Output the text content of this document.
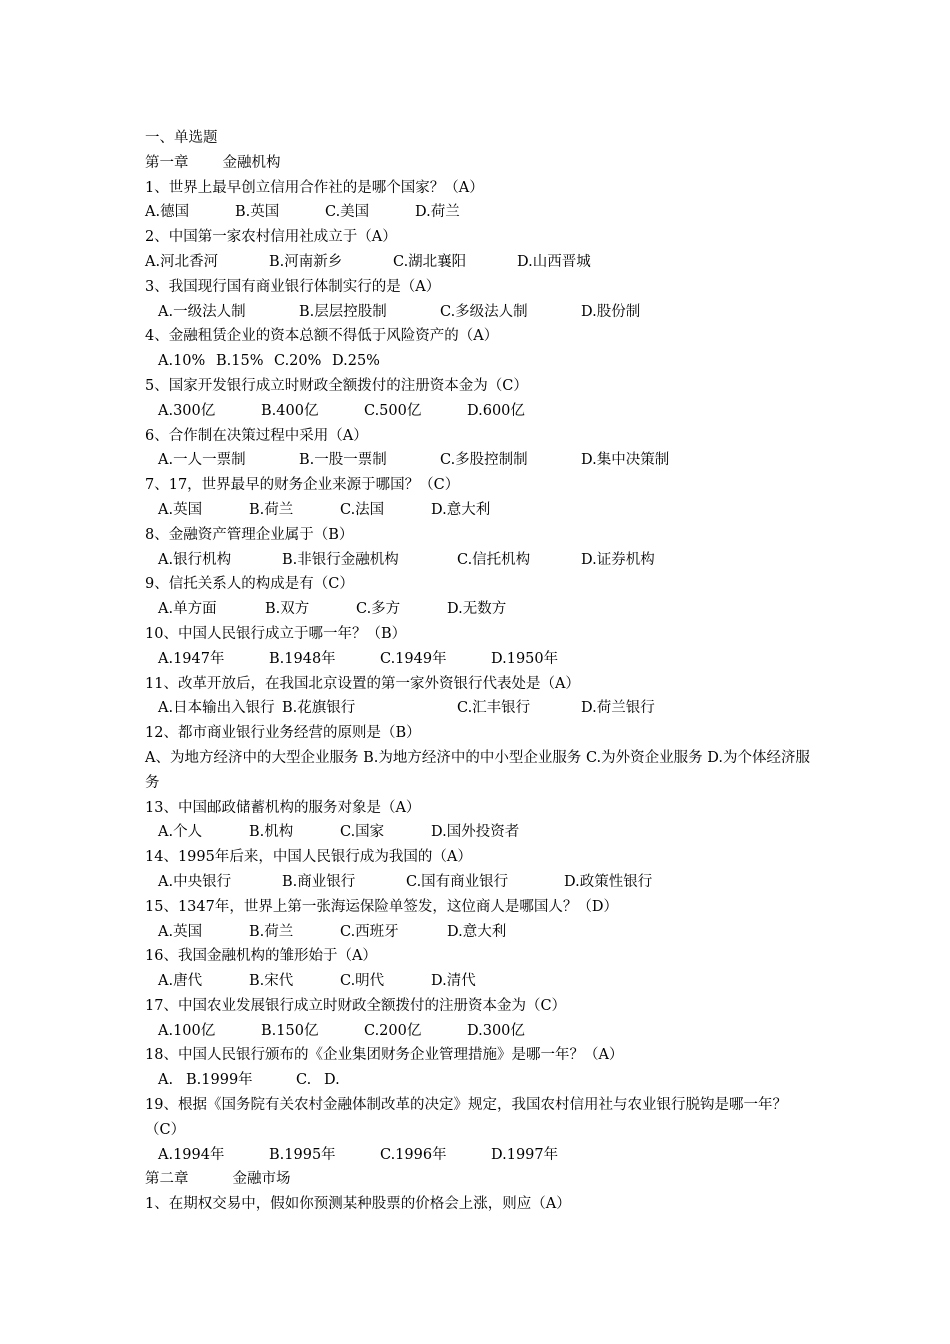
一、单选题
第一章 金融机构
1、世界上最早创立信用合作社的是哪个国家？（A）
A.德国	B.英国	C.美国	D.荷兰
2、中国第一家农村信用社成立于（A）
A.河北香河	B.河南新乡	C.湖北襄阳	D.山西晋城
3、我国现行国有商业银行体制实行的是（A）
A.一级法人制	B.层层控股制	C.多级法人制	D.股份制
4、金融租赁企业的资本总额不得低于风险资产的（A）
A.10% B.15% C.20% D.25%
5、国家开发银行成立时财政全额拨付的注册资本金为（C）
A.300亿	B.400亿	C.500亿	D.600亿
6、合作制在决策过程中采用（A）
A.一人一票制	B.一股一票制	C.多股控制制	D.集中决策制
7、17，世界最早的财务企业来源于哪国？（C）
A.英国	B.荷兰	C.法国	D.意大利
8、金融资产管理企业属于（B）
A.银行机构	B.非银行金融机构	C.信托机构	D.证券机构
9、信托关系人的构成是有（C）
A.单方面	B.双方	C.多方	D.无数方
10、中国人民银行成立于哪一年？（B）
A.1947年	B.1948年	C.1949年	D.1950年
11、改革开放后，在我国北京设置的第一家外资银行代表处是（A）
A.日本输出入银行 B.花旗银行	C.汇丰银行	D.荷兰银行
12、都市商业银行业务经营的原则是（B）
A、为地方经济中的大型企业服务 B.为地方经济中的中小型企业服务 C.为外资企业服务 D.为个体经济服务
13、中国邮政储蓄机构的服务对象是（A）
A.个人	B.机构	C.国家	D.国外投资者
14、1995年后来，中国人民银行成为我国的（A）
A.中央银行	B.商业银行	C.国有商业银行	D.政策性银行
15、1347年，世界上第一张海运保险单签发，这位商人是哪国人？（D）
A.英国	B.荷兰	C.西班牙	D.意大利
16、我国金融机构的雏形始于（A）
A.唐代	B.宋代	C.明代	D.清代
17、中国农业发展银行成立时财政全额拨付的注册资本金为（C）
A.100亿	B.150亿	C.200亿	D.300亿
18、中国人民银行颁布的《企业集团财务企业管理措施》是哪一年？（A）
A. B.1999年	C. D.
19、根据《国务院有关农村金融体制改革的决定》规定，我国农村信用社与农业银行脱钩是哪一年？（C）
A.1994年	B.1995年	C.1996年	D.1997年
第二章	金融市场
1、在期权交易中，假如你预测某种股票的价格会上涨，则应（A）
